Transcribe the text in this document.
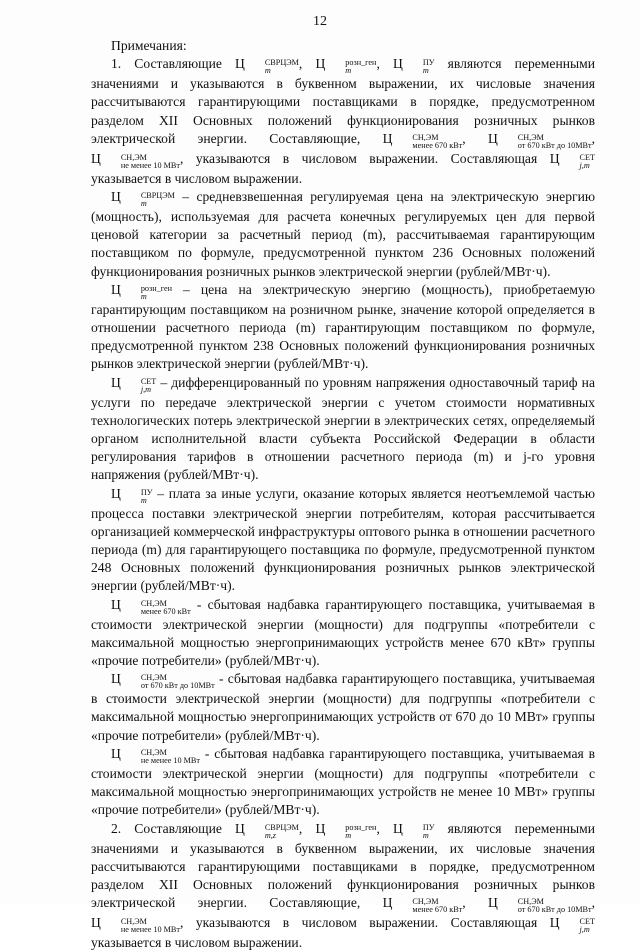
12

Примечания:

1. Составляющие Ц	СВРЦЭМ
m	, Ц	розн_ген
m	, Ц	ПУ
m	являются переменными значениями и указываются в буквенном выражении, их числовые значения рассчитываются гарантирующими поставщиками в порядке, предусмотренном разделом XII Основных положений функционирования розничных рынков электрической энергии. Составляющие, Ц	СН,ЭМ
менее 670 кВт , Ц	СН,ЭМ
от 670 кВт до 10МВт , Ц	СН,ЭМ
не менее 10 МВт , указываются в числовом выражении. Составляющая Ц	СЕТ
j,m
указывается в числовом выражении.

Ц	СВРЦЭМ
m	– средневзвешенная регулируемая цена на электрическую энергию (мощность), используемая для расчета конечных регулируемых цен для первой ценовой категории за расчетный период (m), рассчитываемая гарантирующим поставщиком по формуле, предусмотренной пунктом 236 Основных положений функционирования розничных рынков электрической энергии (рублей/МВт·ч).

Ц	розн_ген
m	– цена на электрическую энергию (мощность), приобретаемую гарантирующим поставщиком на розничном рынке, значение которой определяется в отношении расчетного периода (m) гарантирующим поставщиком по формуле, предусмотренной пунктом 238 Основных положений функционирования розничных рынков электрической энергии (рублей/МВт·ч).

Ц	СЕТ
j,m – дифференцированный по уровням напряжения одноставочный тариф на услуги по передаче электрической энергии с учетом стоимости нормативных технологических потерь электрической энергии в электрических сетях, определяемый органом исполнительной власти субъекта Российской Федерации в области регулирования тарифов в отношении расчетного периода (m) и j-го уровня напряжения (рублей/МВт·ч).

Ц	ПУ
m – плата за иные услуги, оказание которых является неотъемлемой частью процесса поставки электрической энергии потребителям, которая рассчитывается организацией коммерческой инфраструктуры оптового рынка в отношении расчетного периода (m) для гарантирующего поставщика по формуле, предусмотренной пунктом 248 Основных положений функционирования розничных рынков электрической энергии (рублей/МВт·ч).

Ц	СН,ЭМ
менее 670 кВт - сбытовая надбавка гарантирующего поставщика, учитываемая в стоимости электрической энергии (мощности) для подгруппы «потребители с максимальной мощностью энергопринимающих устройств менее 670 кВт» группы «прочие потребители» (рублей/МВт·ч).

Ц	СН,ЭМ
от 670 кВт до 10МВт - сбытовая надбавка гарантирующего поставщика, учитываемая в стоимости электрической энергии (мощности) для подгруппы «потребители с максимальной мощностью энергопринимающих устройств от 670 до 10 МВт» группы «прочие потребители» (рублей/МВт·ч).

Ц	СН,ЭМ
не менее 10 МВт - сбытовая надбавка гарантирующего поставщика, учитываемая в стоимости электрической энергии (мощности) для подгруппы «потребители с максимальной мощностью энергопринимающих устройств не менее 10 МВт» группы «прочие потребители» (рублей/МВт·ч).

2. Составляющие Ц	СВРЦЭМ
m,z	, Ц	розн_ген
m	, Ц	ПУ
m	являются переменными значениями и указываются в буквенном выражении, их числовые значения рассчитываются гарантирующими поставщиками в порядке, предусмотренном разделом XII Основных положений функционирования розничных рынков электрической энергии. Составляющие, Ц	СН,ЭМ
менее 670 кВт , Ц	СН,ЭМ
от 670 кВт до 10МВт , Ц	СН,ЭМ
не менее 10 МВт , указываются в числовом выражении. Составляющая Ц	СЕТ
j,m
указывается в числовом выражении.
